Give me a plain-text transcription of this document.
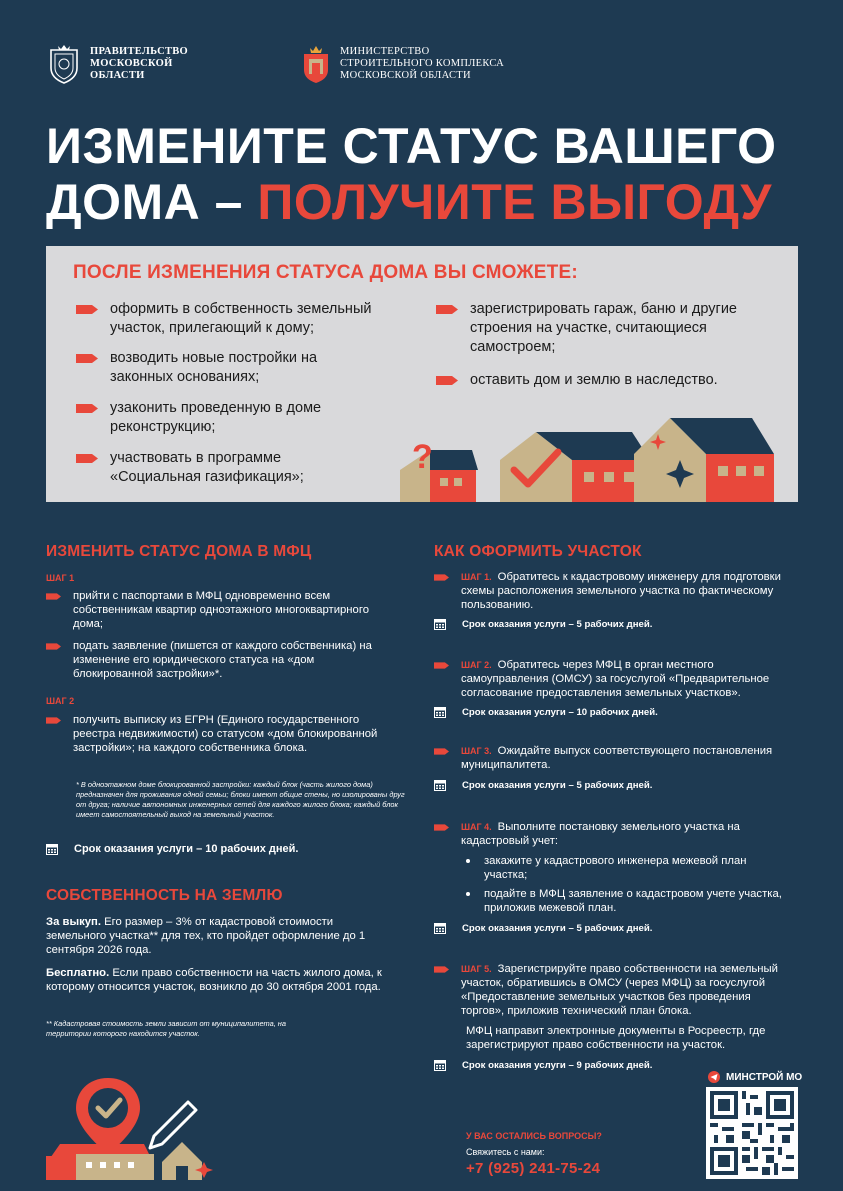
ПРАВИТЕЛЬСТВО
МОСКОВСКОЙ
ОБЛАСТИ
МИНИСТЕРСТВО
СТРОИТЕЛЬНОГО КОМПЛЕКСА
МОСКОВСКОЙ ОБЛАСТИ
ИЗМЕНИТЕ СТАТУС ВАШЕГО
ДОМА – ПОЛУЧИТЕ ВЫГОДУ
ПОСЛЕ ИЗМЕНЕНИЯ СТАТУСА ДОМА ВЫ СМОЖЕТЕ:
оформить в собственность земельный участок, прилегающий к дому;
возводить новые постройки на законных основаниях;
узаконить проведенную в доме реконструкцию;
участвовать в программе «Социальная газификация»;
зарегистрировать гараж, баню и другие строения на участке, считающиеся самостроем;
оставить дом и землю в наследство.
?
ИЗМЕНИТЬ СТАТУС ДОМА В МФЦ
ШАГ 1
прийти с паспортами в МФЦ одновременно всем собственникам квартир одноэтажного многоквартирного дома;
подать заявление (пишется от каждого собственника) на изменение его юридического статуса на «дом блокированной застройки»*.
ШАГ 2
получить выписку из ЕГРН (Единого государственного реестра недвижимости) со статусом «дом блокированной застройки»; на каждого собственника блока.
* В одноэтажном доме блокированной застройки: каждый блок (часть жилого дома) предназначен для проживания одной семьи; блоки имеют общие стены, но изолированы друг от друга; наличие автономных инженерных сетей для каждого жилого блока; каждый блок имеет самостоятельный выход на земельный участок.
Срок оказания услуги – 10 рабочих дней.
СОБСТВЕННОСТЬ НА ЗЕМЛЮ
За выкуп. Его размер – 3% от кадастровой стоимости земельного участка** для тех, кто пройдет оформление до 1 сентября 2026 года.
Бесплатно. Если право собственности на часть жилого дома, к которому относится участок, возникло до 30 октября 2001 года.
** Кадастровая стоимость земли зависит от муниципалитета, на территории которого находится участок.
КАК ОФОРМИТЬ УЧАСТОК
ШАГ 1. Обратитесь к кадастровому инженеру для подготовки схемы расположения земельного участка по фактическому пользованию.
Срок оказания услуги – 5 рабочих дней.
ШАГ 2. Обратитесь через МФЦ в орган местного самоуправления (ОМСУ) за госуслугой «Предварительное согласование предоставления земельных участков».
Срок оказания услуги – 10 рабочих дней.
ШАГ 3. Ожидайте выпуск соответствующего постановления муниципалитета.
Срок оказания услуги – 5 рабочих дней.
ШАГ 4. Выполните постановку земельного участка на кадастровый учет:
закажите у кадастрового инженера межевой план участка;
подайте в МФЦ заявление о кадастровом учете участка, приложив межевой план.
Срок оказания услуги – 5 рабочих дней.
ШАГ 5. Зарегистрируйте право собственности на земельный участок, обратившись в ОМСУ (через МФЦ) за госуслугой «Предоставление земельных участков без проведения торгов», приложив технический план блока.
МФЦ направит электронные документы в Росреестр, где зарегистрируют право собственности на участок.
Срок оказания услуги – 9 рабочих дней.
МИНСТРОЙ МО
У ВАС ОСТАЛИСЬ ВОПРОСЫ?
Свяжитесь с нами:
+7 (925) 241-75-24
